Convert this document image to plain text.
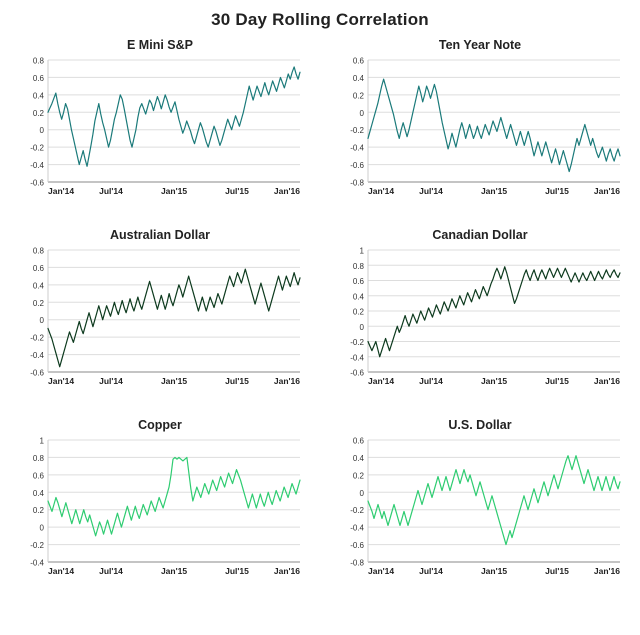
30 Day Rolling Correlation
E Mini S&P
-0.6
-0.4
-0.2
0
0.2
0.4
0.6
0.8
Jan'14	Jul'14	Jan'15	Jul'15	Jan'16
Ten Year Note
-0.8
-0.6
-0.4
-0.2
0
0.2
0.4
0.6
Jan'14	Jul'14	Jan'15	Jul'15	Jan'16
Australian Dollar
-0.6
-0.4
-0.2
0
0.2
0.4
0.6
0.8
Jan'14	Jul'14	Jan'15	Jul'15	Jan'16
Canadian Dollar
-0.6
-0.4
-0.2
0
0.2
0.4
0.6
0.8
1
Jan'14	Jul'14	Jan'15	Jul'15	Jan'16
Copper
-0.4
-0.2
0
0.2
0.4
0.6
0.8
1
Jan'14	Jul'14	Jan'15	Jul'15	Jan'16
U.S. Dollar
-0.8
-0.6
-0.4
-0.2
0
0.2
0.4
0.6
Jan'14	Jul'14	Jan'15	Jul'15	Jan'16
